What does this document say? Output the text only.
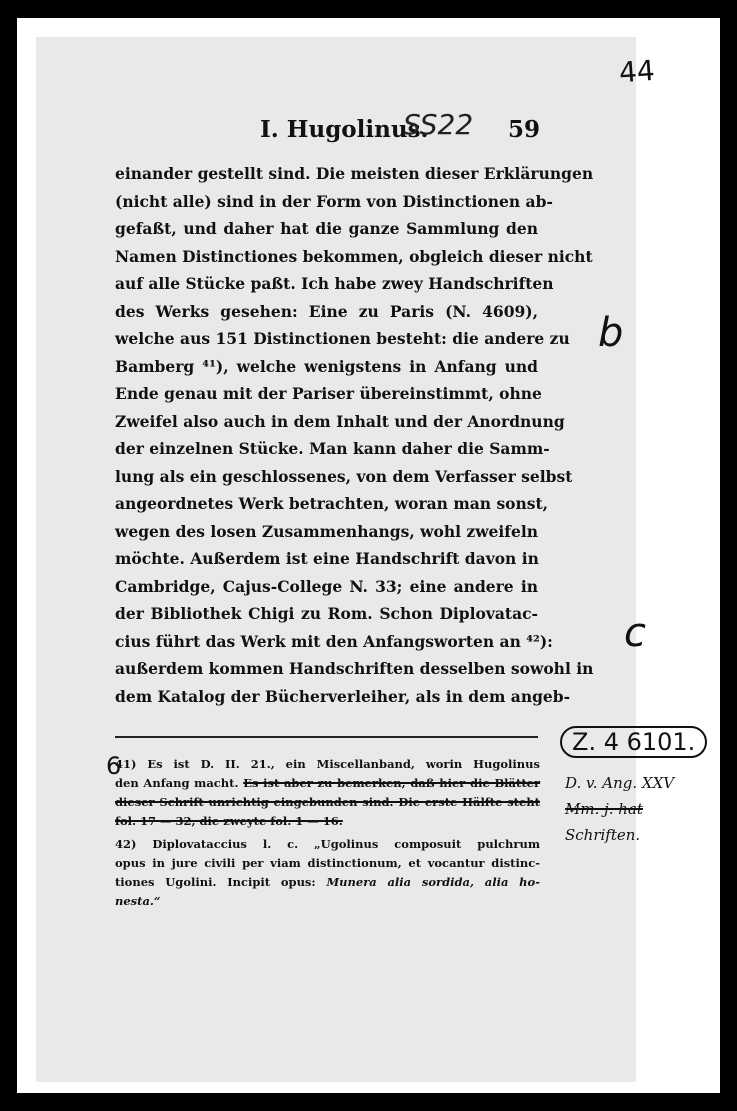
44
I. Hugolinus.
SS22 59
einander gestellt sind. Die meisten dieser Erklärungen
(nicht alle) sind in der Form von Distinctionen ab-
gefaßt, und daher hat die ganze Sammlung den
Namen Distinctiones bekommen, obgleich dieser nicht
auf alle Stücke paßt. Ich habe zwey Handschriften
des Werks gesehen: Eine zu Paris (N. 4609),
welche aus 151 Distinctionen besteht: die andere zu
Bamberg ⁴¹), welche wenigstens in Anfang und
Ende genau mit der Pariser übereinstimmt, ohne
Zweifel also auch in dem Inhalt und der Anordnung
der einzelnen Stücke. Man kann daher die Samm-
lung als ein geschlossenes, von dem Verfasser selbst
angeordnetes Werk betrachten, woran man sonst,
wegen des losen Zusammenhangs, wohl zweifeln
möchte. Außerdem ist eine Handschrift davon in
Cambridge, Cajus-College N. 33; eine andere in
der Bibliothek Chigi zu Rom. Schon Diplovatac-
cius führt das Werk mit den Anfangsworten an ⁴²):
außerdem kommen Handschriften desselben sowohl in
dem Katalog der Bücherverleiher, als in dem angeb-
41) Es ist D. II. 21., ein Miscellanband, worin Hugolinus
den Anfang macht. Es ist aber zu bemerken, daß hier die Blätter
dieser Schrift unrichtig eingebunden sind. Die erste Hälfte steht
fol. 17 — 32, die zweyte fol. 1 — 16.
42) Diplovataccius l. c. „Ugolinus composuit pulchrum
opus in jure civili per viam distinctionum, et vocantur distinc-
tiones Ugolini. Incipit opus: Munera alia sordida, alia ho-
nesta.“
b
c
6
Z. 4 6101.
D. v. Ang. XXV
Mm. j. hat
Schriften.
